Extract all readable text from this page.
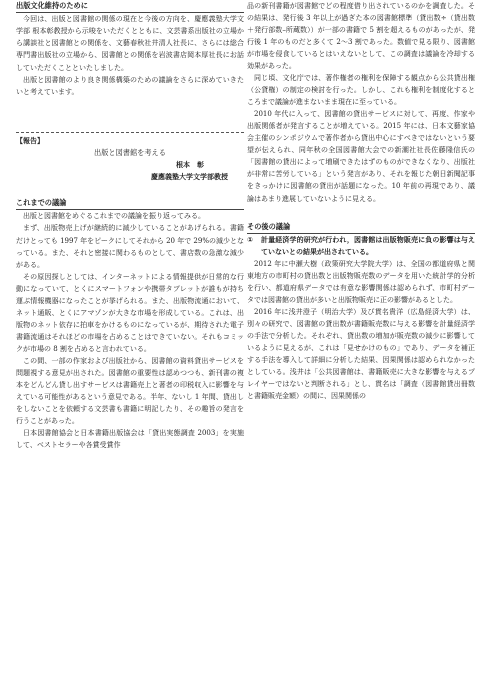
出版文化維持のために

今回は、出版と図書館の関係の現在と今後の方向を、慶應義塾大学文学部 根本彰教授から示唆をいただくとともに、文芸書系出版社の立場から講談社と図書館との関係を、文藝春秋社井清人社長に、さらには総合専門書出版社の立場から、図書館との関係を岩波書店岡本厚社長にお話していただくことといたしました。

出版と図書館のより良き関係構築のための議論をさらに深めていきたいと考えています。

【報告】
出版と図書館を考える
根本　彰
慶應義塾大学文学部教授
これまでの議論

出版と図書館をめぐるこれまでの議論を振り返ってみる。

まず、出版物売上げが継続的に減少していることがあげられる。書籍だけとっても 1997 年をピークにしてそれから 20 年で 29%の減少となっている。また、それと密接に関わるものとして、書店数の急激な減少がある。

その原因探しとしては、インターネットによる情報提供が日常的な行動になっていて、とくにスマートフォンや携帯タブレットが誰もが持ち運ぶ情報機器になったことが挙げられる。また、出版物流通において、ネット通販、とくにアマゾンが大きな市場を形成している。これは、出版物のネット依存に拍車をかけるものになっているが、期待された電子書籍流通はそれほどの市場を占めることはできていない。それもコミックが市場の 8 割を占めると言われている。

この間、一部の作家および出版社から、図書館の資料貸出サービスを問題視する意見が出された。図書館の重要性は認めつつも、新刊書の複本をどんどん貸し出すサービスは書籍売上と著者の印税収入に影響を与えている可能性があるという意見である。半年、ないし 1 年間、貸出しをしないことを依頼する文芸書も書籍に明記したり、その趣旨の発言を行うことがあった。

日本図書館協会と日本書籍出版協会は「貸出実態調査 2003」を実施して、ベストセラーや各賞受賞作

品の新刊書籍が図書館でどの程度借り出されているのかを調査した。その結果は、発行後 3 年以上が過ぎた本の図書館標準（貸出数÷（貸出数＋発行部数–所蔵数））が一部の書籍で 5 割を超えるものがあったが、発行後 1 年のものだと多くて 2～3 割であった。数値で見る限り、図書館が市場を侵食しているとはいえないとして、この調査は議論を冷却する効果があった。

同じ頃、文化庁では、著作権者の権利を保障する観点から公共貸出権（公貸権）の制定の検討を行った。しかし、これも権利を制度化するところまで議論が進まないまま現在に至っている。

2010 年代に入って、図書館の貸出サービスに対して、再度、作家や出版関係者が発言することが増えている。2015 年には、日本文藝家協会主催のシンポジウムで著作者から貸出中心にすべきではないという要望が伝えられ、同年秋の全国図書館大会での新潮社社長佐藤隆信氏の「図書館の貸出によって増刷できたはずのものができなくなり、出版社が非常に苦労している」という発言があり、それを報じた朝日新聞記事をきっかけに図書館の貸出が話題になった。10 年前の再現であり、議論はあまり進展していないように見える。

その後の議論

① 計量経済学的研究が行われ，図書館は出版物販売に負の影響は与えていないとの結果が出されている。

2012 年に中瀬大樹（政策研究大学院大学）は、全国の都道府県と関東地方の市町村の貸出数と出版物販売数のデータを用いた統計学的分析を行い、都道府県データでは有意な影響関係は認められず、市町村データでは図書館の貸出が多いと出版物販売に正の影響があるとした。

2016 年に浅井澄子（明治大学）及び貫名貴洋（広島経済大学）は、別々の研究で、図書館の貸出数が書籍販売数に与える影響を計量経済学の手法で分析した。それぞれ、貸出数の増加が販売数の減少に影響しているように見えるが、これは「見せかけのもの」であり、データを補正する手法を導入して詳細に分析した結果、因果関係は認められなかったとしている。浅井は「公共図書館は、書籍販売に大きな影響を与えるプレイヤーではないと判断される」とし、貫名は「調査（図書館貸出冊数と書籍販売金額）の間に、因果関係の
